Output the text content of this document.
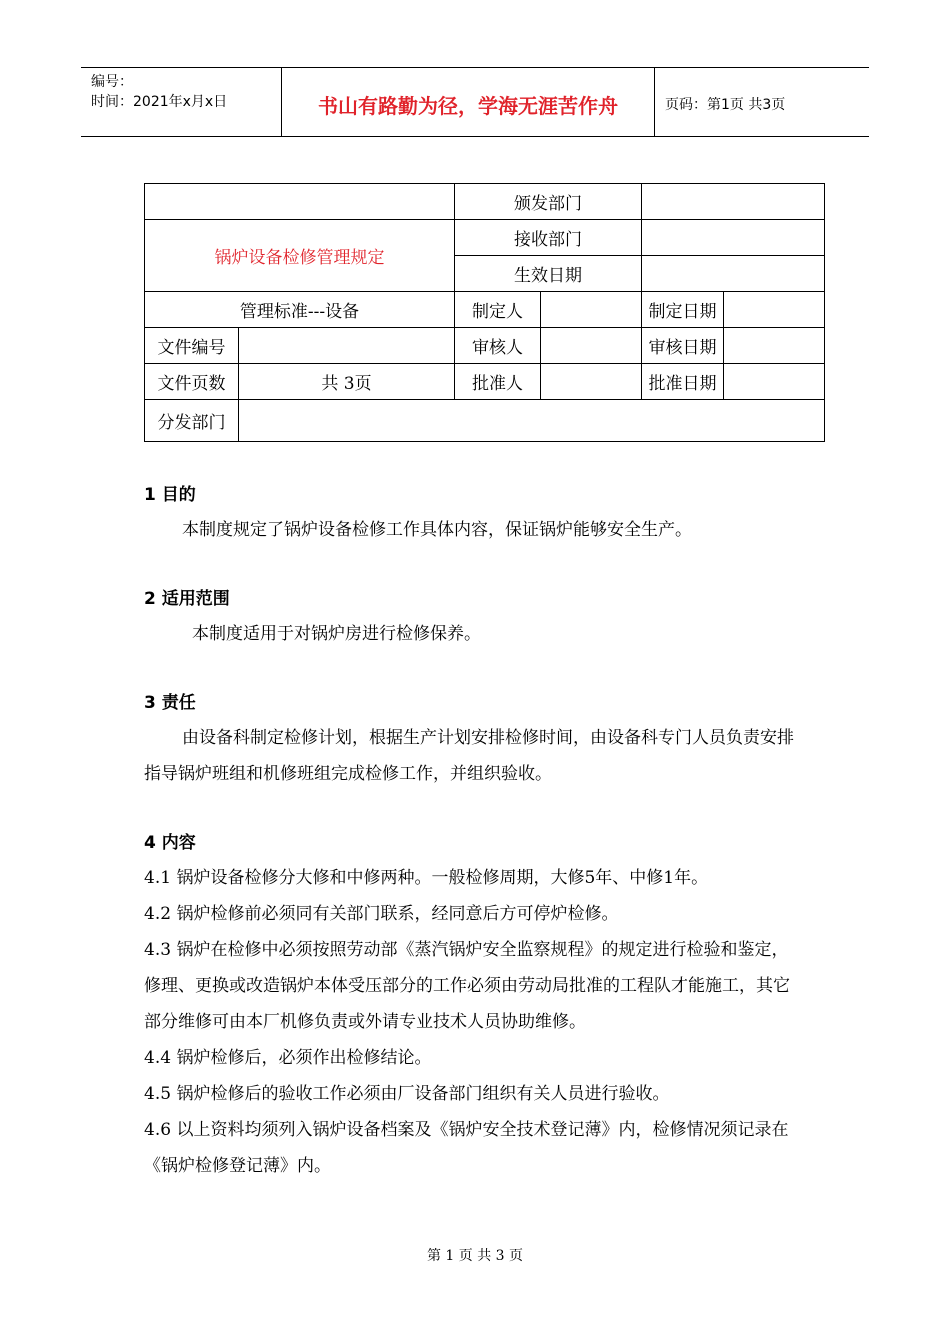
编号：
时间：2021年x月x日	书山有路勤为径，学海无涯苦作舟	页码：第1页 共3页
		颁发部门			
锅炉设备检修管理规定		接收部门			
		生效日期			
管理标准---设备		制定人		制定日期	
文件编号		审核人		审核日期	
文件页数	共 3页	批准人		批准日期	
分发部门					
1 目的
本制度规定了锅炉设备检修工作具体内容，保证锅炉能够安全生产。
2 适用范围
本制度适用于对锅炉房进行检修保养。
3 责任
由设备科制定检修计划，根据生产计划安排检修时间，由设备科专门人员负责安排指导锅炉班组和机修班组完成检修工作，并组织验收。
4 内容
4.1 锅炉设备检修分大修和中修两种。一般检修周期，大修5年、中修1年。
4.2 锅炉检修前必须同有关部门联系，经同意后方可停炉检修。
4.3 锅炉在检修中必须按照劳动部《蒸汽锅炉安全监察规程》的规定进行检验和鉴定，修理、更换或改造锅炉本体受压部分的工作必须由劳动局批准的工程队才能施工，其它部分维修可由本厂机修负责或外请专业技术人员协助维修。
4.4 锅炉检修后，必须作出检修结论。
4.5 锅炉检修后的验收工作必须由厂设备部门组织有关人员进行验收。
4.6 以上资料均须列入锅炉设备档案及《锅炉安全技术登记薄》内，检修情况须记录在《锅炉检修登记薄》内。
第 1 页 共 3 页
